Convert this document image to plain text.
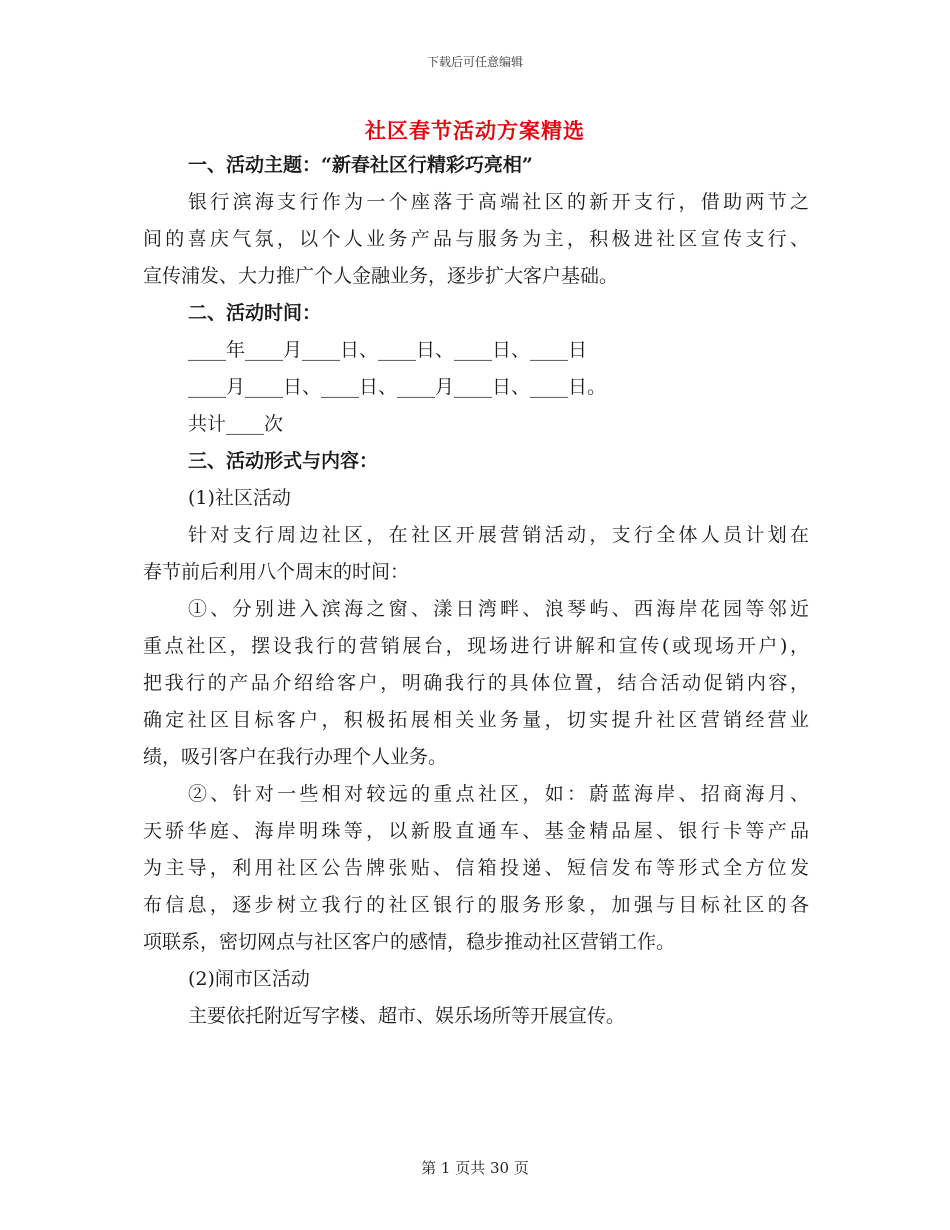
下载后可任意编辑
社区春节活动方案精选
一、活动主题：“新春社区行精彩巧亮相”
银行滨海支行作为一个座落于高端社区的新开支行，借助两节之
间的喜庆气氛，以个人业务产品与服务为主，积极进社区宣传支行、
宣传浦发、大力推广个人金融业务，逐步扩大客户基础。
二、活动时间：
____年____月____日、____日、____日、____日
____月____日、____日、____月____日、____日。
共计____次
三、活动形式与内容：
(1)社区活动
针对支行周边社区，在社区开展营销活动，支行全体人员计划在
春节前后利用八个周末的时间：
①、分别进入滨海之窗、漾日湾畔、浪琴屿、西海岸花园等邻近
重点社区，摆设我行的营销展台，现场进行讲解和宣传(或现场开户)，
把我行的产品介绍给客户，明确我行的具体位置，结合活动促销内容，
确定社区目标客户，积极拓展相关业务量，切实提升社区营销经营业
绩，吸引客户在我行办理个人业务。
②、针对一些相对较远的重点社区，如：蔚蓝海岸、招商海月、
天骄华庭、海岸明珠等，以新股直通车、基金精品屋、银行卡等产品
为主导，利用社区公告牌张贴、信箱投递、短信发布等形式全方位发
布信息，逐步树立我行的社区银行的服务形象，加强与目标社区的各
项联系，密切网点与社区客户的感情，稳步推动社区营销工作。
(2)闹市区活动
主要依托附近写字楼、超市、娱乐场所等开展宣传。
第 1 页共 30 页
